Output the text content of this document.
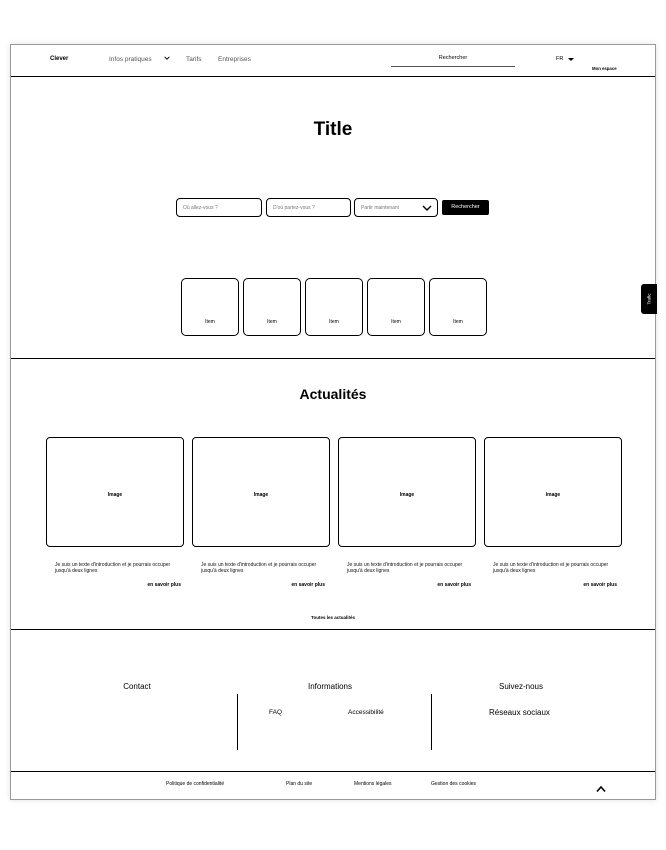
Clever	Infos pratiques	Tarifs	Entreprises	Rechercher	FR
Mon espace
Title
Où allez-vous ?	D'où partez-vous ?	Partir maintenant	Rechercher
Item	Item	Item	Item	Item
Trafic
Actualités
Image	Image	Image	Image
Je suis un texte d'introduction et je pourrais occuper jusqu'à deux lignes
Je suis un texte d'introduction et je pourrais occuper jusqu'à deux lignes
Je suis un texte d'introduction et je pourrais occuper jusqu'à deux lignes
Je suis un texte d'introduction et je pourrais occuper jusqu'à deux lignes
en savoir plus	en savoir plus	en savoir plus	en savoir plus
Toutes les actualités
Contact	Informations	Suivez-nous
FAQ	Accessibilité	Réseaux sociaux
Politique de confidentialité	Plan du site	Mentions légales	Gestion des cookies
